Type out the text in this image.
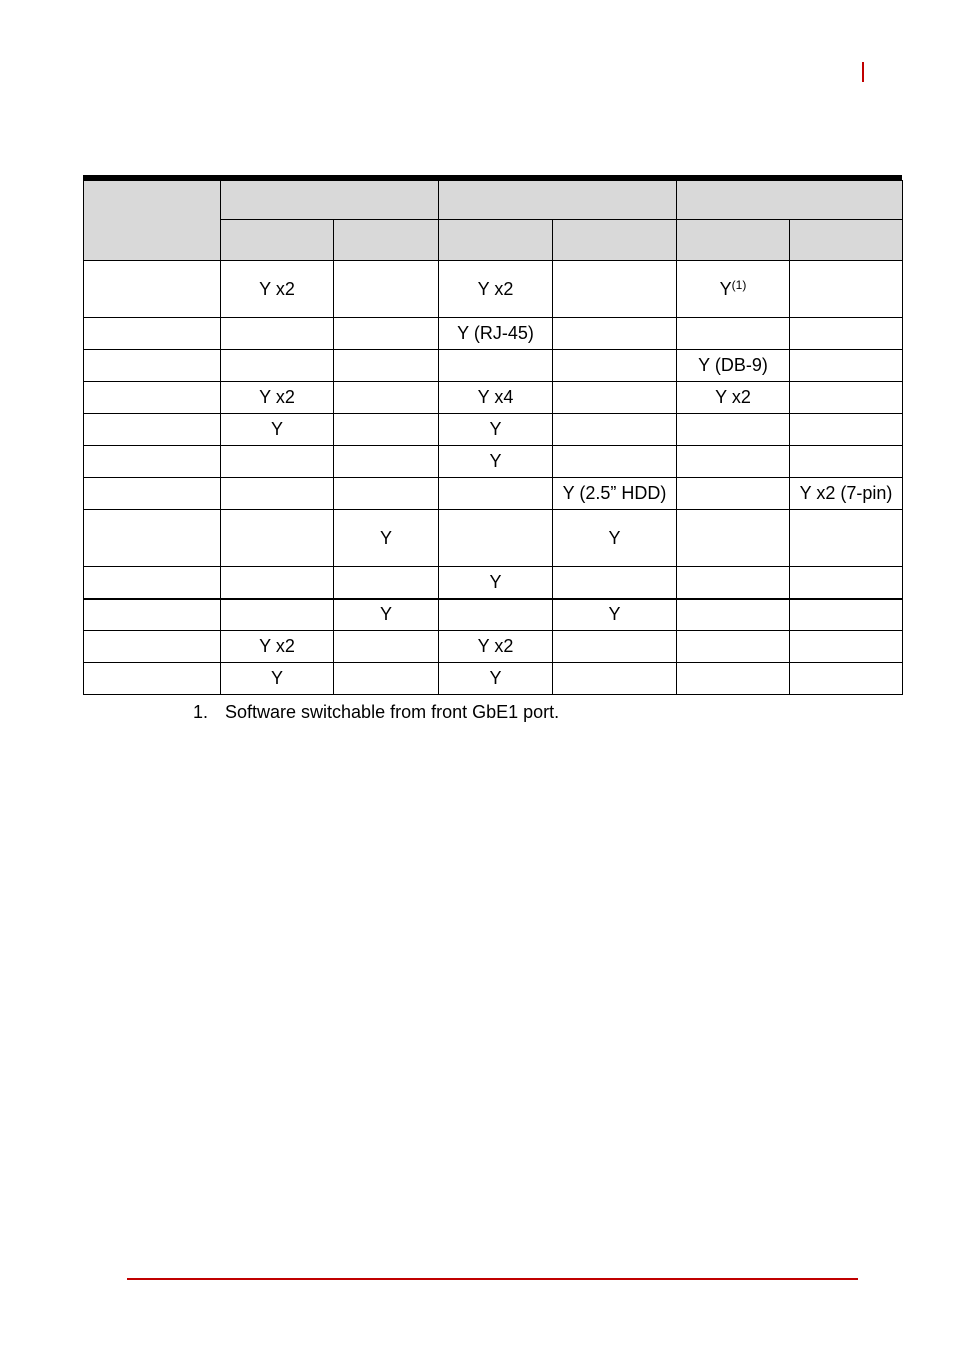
	Y x2		Y x2		Y$^{(1)}$	
			Y (RJ-45)			
					Y (DB-9)	
	Y x2		Y x4		Y x2	
	Y		Y			
			Y			
				Y (2.5” HDD)		Y x2 (7-pin)
		Y		Y		
			Y			
		Y		Y		
	Y x2		Y x2			
	Y		Y			
1. Software switchable from front GbE1 port.
